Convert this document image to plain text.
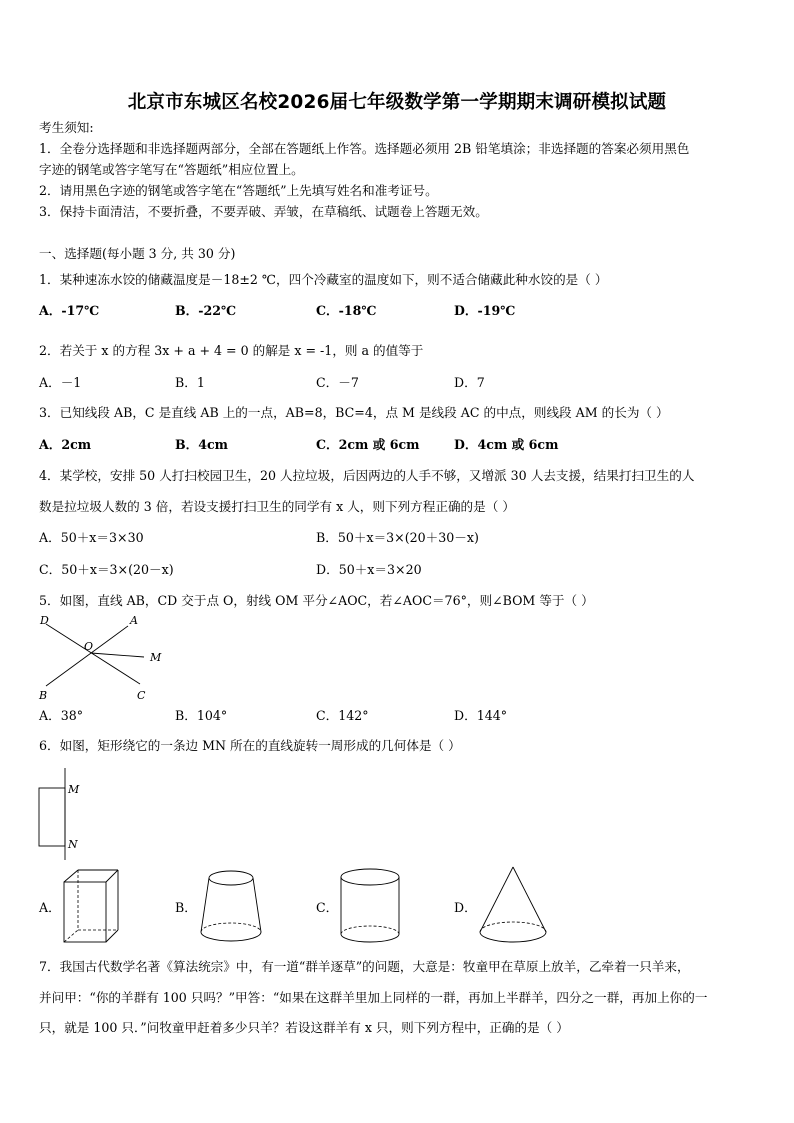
北京市东城区名校2026届七年级数学第一学期期末调研模拟试题
考生须知:
1．全卷分选择题和非选择题两部分，全部在答题纸上作答。选择题必须用 2B 铅笔填涂；非选择题的答案必须用黑色
字迹的钢笔或答字笔写在“答题纸”相应位置上。
2．请用黑色字迹的钢笔或答字笔在“答题纸”上先填写姓名和准考证号。
3．保持卡面清洁，不要折叠，不要弄破、弄皱，在草稿纸、试题卷上答题无效。
一、选择题(每小题 3 分, 共 30 分)
1．某种速冻水饺的储藏温度是－18±2 ℃，四个冷藏室的温度如下，则不适合储藏此种水饺的是（ ）
A．-17℃	B．-22℃	C．-18℃	D．-19℃
2．若关于 x 的方程 3x + a + 4 = 0 的解是 x = -1，则 a 的值等于
A．－1	B．1	C．－7	D．7
3．已知线段 AB，C 是直线 AB 上的一点，AB=8，BC=4，点 M 是线段 AC 的中点，则线段 AM 的长为（ ）
A．2cm	B．4cm	C．2cm 或 6cm	D．4cm 或 6cm
4．某学校，安排 50 人打扫校园卫生，20 人拉垃圾，后因两边的人手不够，又增派 30 人去支援，结果打扫卫生的人
数是拉垃圾人数的 3 倍，若设支援打扫卫生的同学有 x 人，则下列方程正确的是（ ）
A．50＋x＝3×30	B．50＋x＝3×(20＋30－x)
C．50＋x＝3×(20－x)	D．50＋x＝3×20
5．如图，直线 AB，CD 交于点 O，射线 OM 平分∠AOC，若∠AOC＝76°，则∠BOM 等于（ ）
D	A
O
M
B	C
A．38°	B．104°	C．142°	D．144°
6．如图，矩形绕它的一条边 MN 所在的直线旋转一周形成的几何体是（ ）
M
N
A．	B．	C．	D．
7．我国古代数学名著《算法统宗》中，有一道“群羊逐草”的问题，大意是：牧童甲在草原上放羊，乙牵着一只羊来，
并问甲：“你的羊群有 100 只吗？”甲答：“如果在这群羊里加上同样的一群，再加上半群羊，四分之一群，再加上你的一
只，就是 100 只．”问牧童甲赶着多少只羊？若设这群羊有 x 只，则下列方程中，正确的是（ ）
